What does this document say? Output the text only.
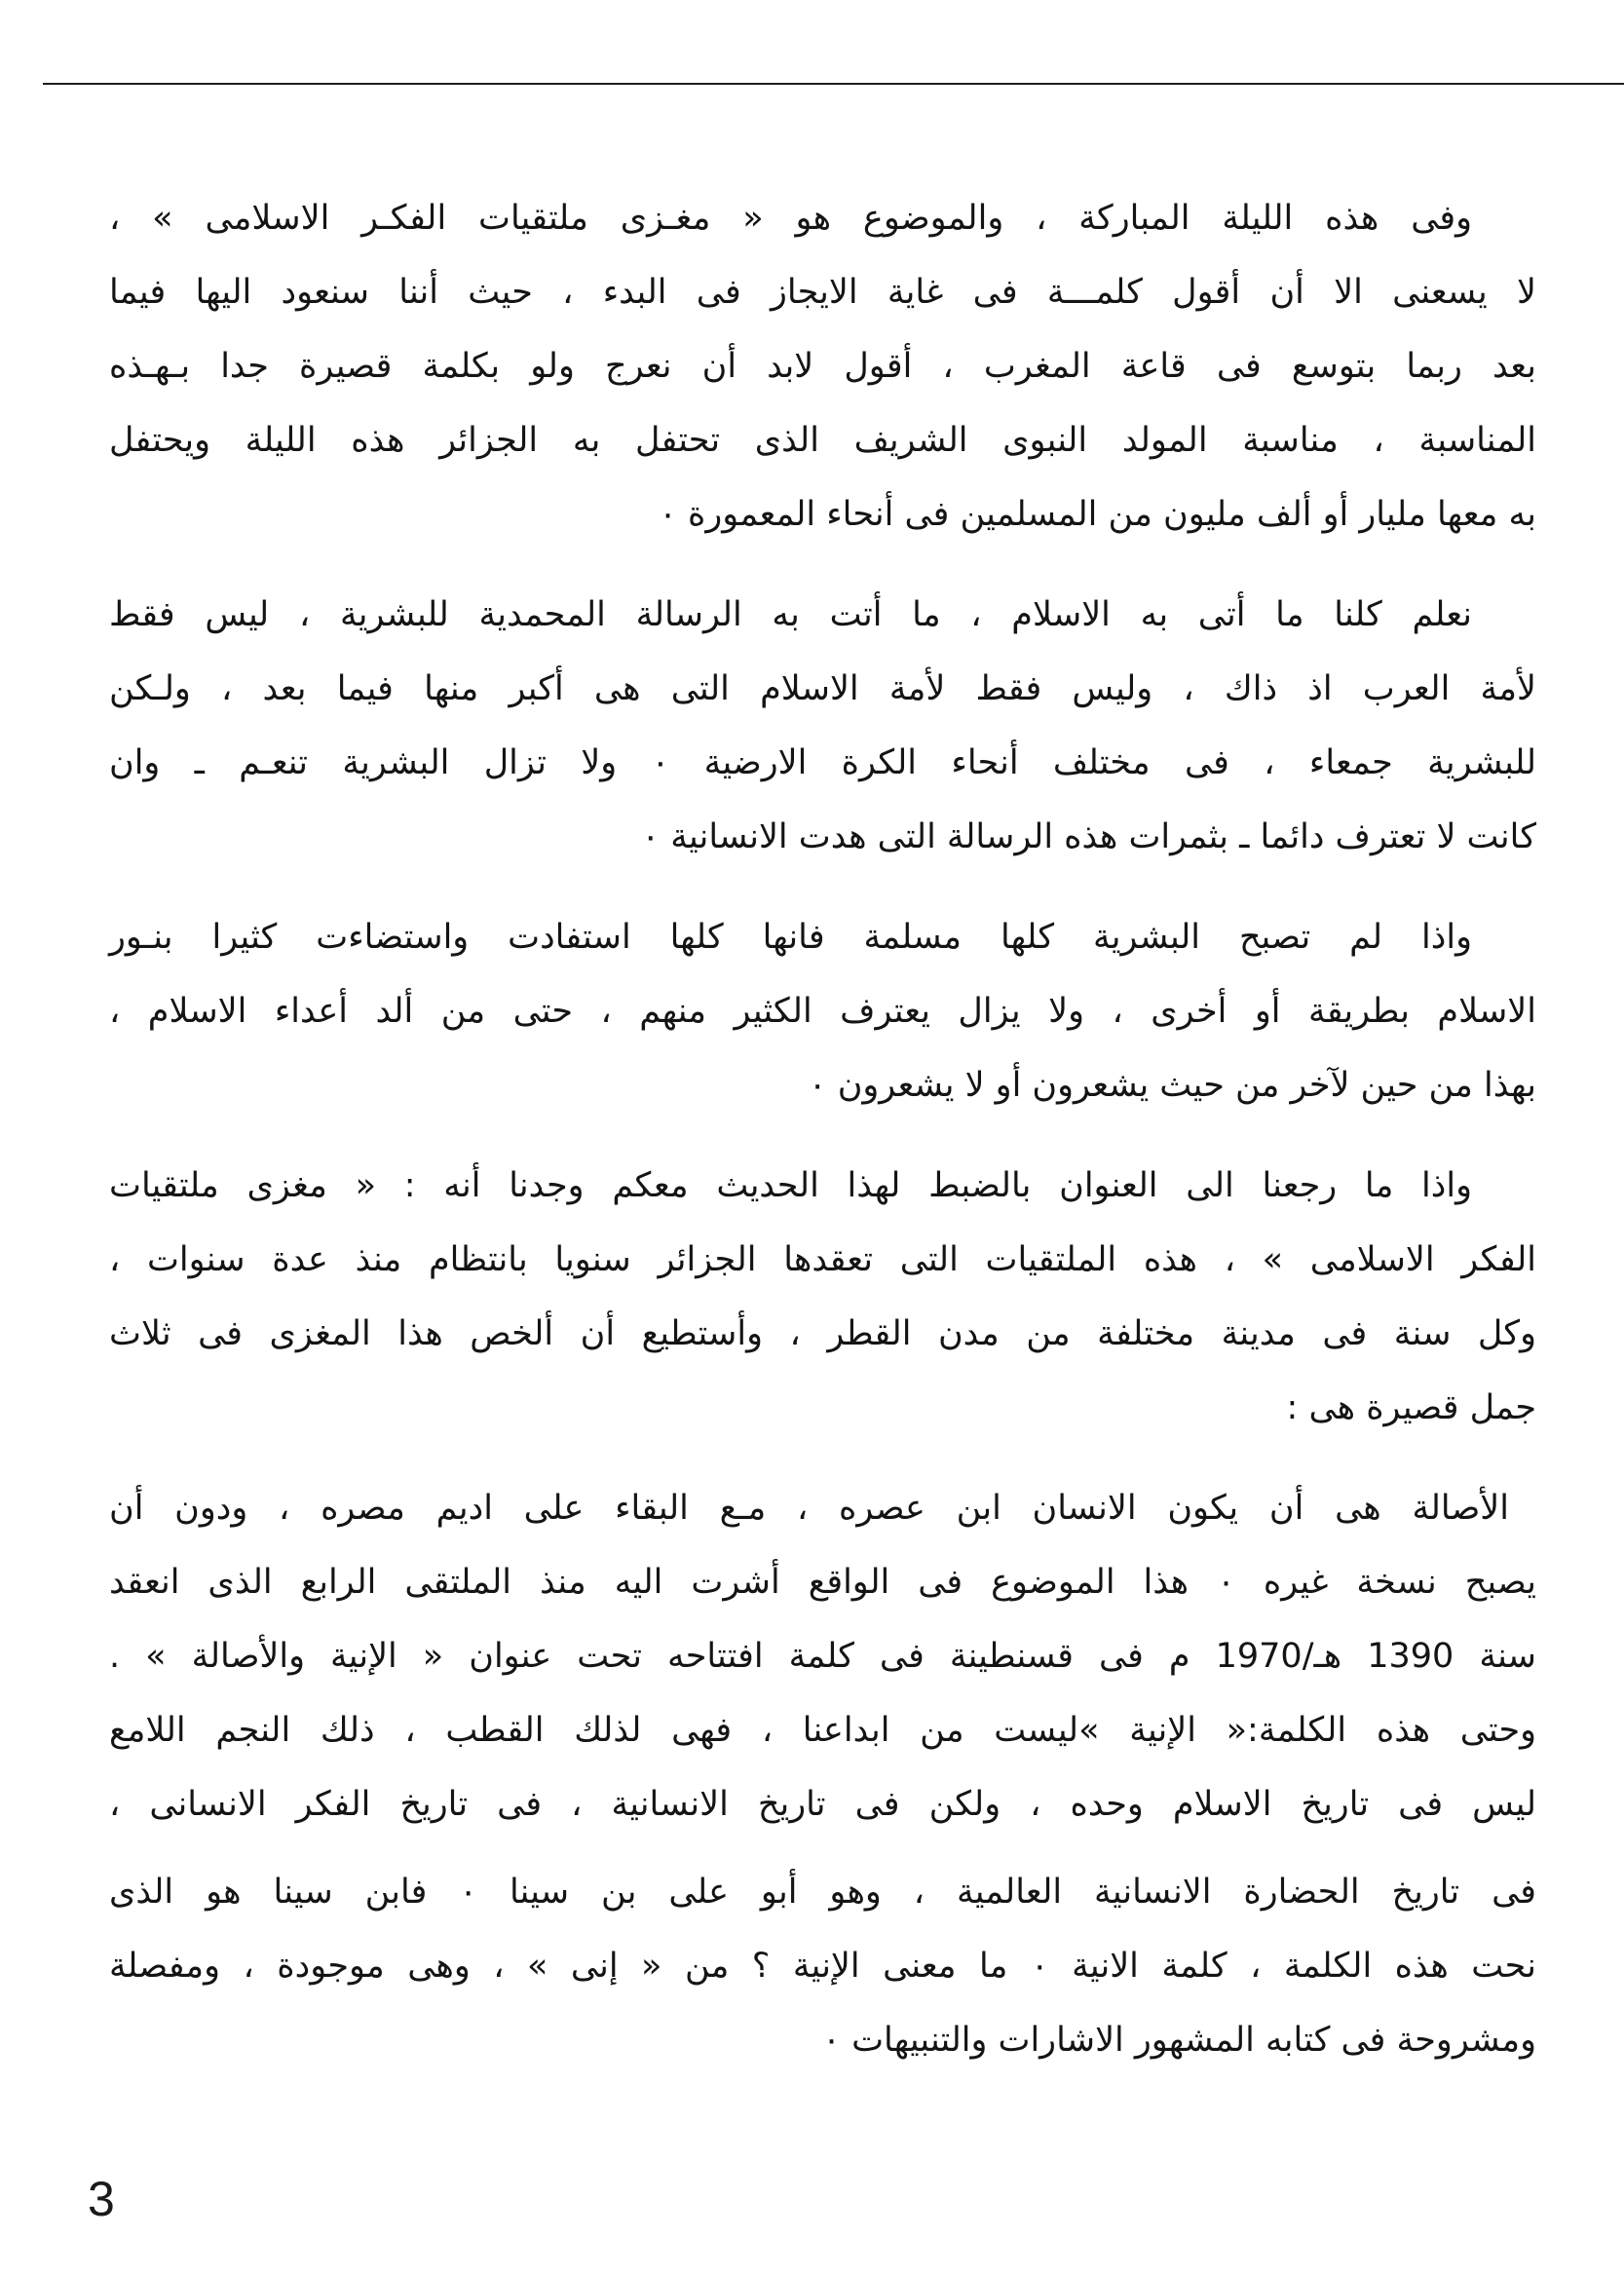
وفى هذه الليلة المباركة ، والموضوع هو « مغـزى ملتقيات الفكـر الاسلامى » ،
لا يسعنى الا أن أقول كلمـــة فى غاية الايجاز فى البدء ، حيث أننا سنعود اليها فيما
بعد ربما بتوسع فى قاعة المغرب ، أقول لابد أن نعرج ولو بكلمة قصيرة جدا بـهـذه
المناسبة ، مناسبة المولد النبوى الشريف الذى تحتفل به الجزائر هذه الليلة ويحتفل
به معها مليار أو ألف مليون من المسلمين فى أنحاء المعمورة ٠
نعلم كلنا ما أتى به الاسلام ، ما أتت به الرسالة المحمدية للبشرية ، ليس فقط
لأمة العرب اذ ذاك ، وليس فقط لأمة الاسلام التى هى أكبر منها فيما بعد ، ولـكن
للبشرية جمعاء ، فى مختلف أنحاء الكرة الارضية ٠ ولا تزال البشرية تنعـم ـ وان
كانت لا تعترف دائما ـ بثمرات هذه الرسالة التى هدت الانسانية ٠
واذا لم تصبح البشرية كلها مسلمة فانها كلها استفادت واستضاءت كثيرا بنـور
الاسلام بطريقة أو أخرى ، ولا يزال يعترف الكثير منهم ، حتى من ألد أعداء الاسلام ،
بهذا من حين لآخر من حيث يشعرون أو لا يشعرون ٠
واذا ما رجعنا الى العنوان بالضبط لهذا الحديث معكم وجدنا أنه : « مغزى ملتقيات
الفكر الاسلامى » ، هذه الملتقيات التى تعقدها الجزائر سنويا بانتظام منذ عدة سنوات ،
وكل سنة فى مدينة مختلفة من مدن القطر ، وأستطيع أن ألخص هذا المغزى فى ثلاث
جمل قصيرة هى :
الأصالة هى أن يكون الانسان ابن عصره ، مـع البقاء على اديم مصره ، ودون أن
يصبح نسخة غيره ٠ هذا الموضوع فى الواقع أشرت اليه منذ الملتقى الرابع الذى انعقد
سنة 1390 هـ/1970 م فى قسنطينة فى كلمة افتتاحه تحت عنوان « الإنية والأصالة » .
وحتى هذه الكلمة:« الإنية »ليست من ابداعنا ، فهى لذلك القطب ، ذلك النجم اللامع
ليس فى تاريخ الاسلام وحده ، ولكن فى تاريخ الانسانية ، فى تاريخ الفكر الانسانى ،
فى تاريخ الحضارة الانسانية العالمية ، وهو أبو على بن سينا ٠ فابن سينا هو الذى
نحت هذه الكلمة ، كلمة الانية ٠ ما معنى الإنية ؟ من « إنى » ، وهى موجودة ، ومفصلة
ومشروحة فى كتابه المشهور الاشارات والتنبيهات ٠
3
